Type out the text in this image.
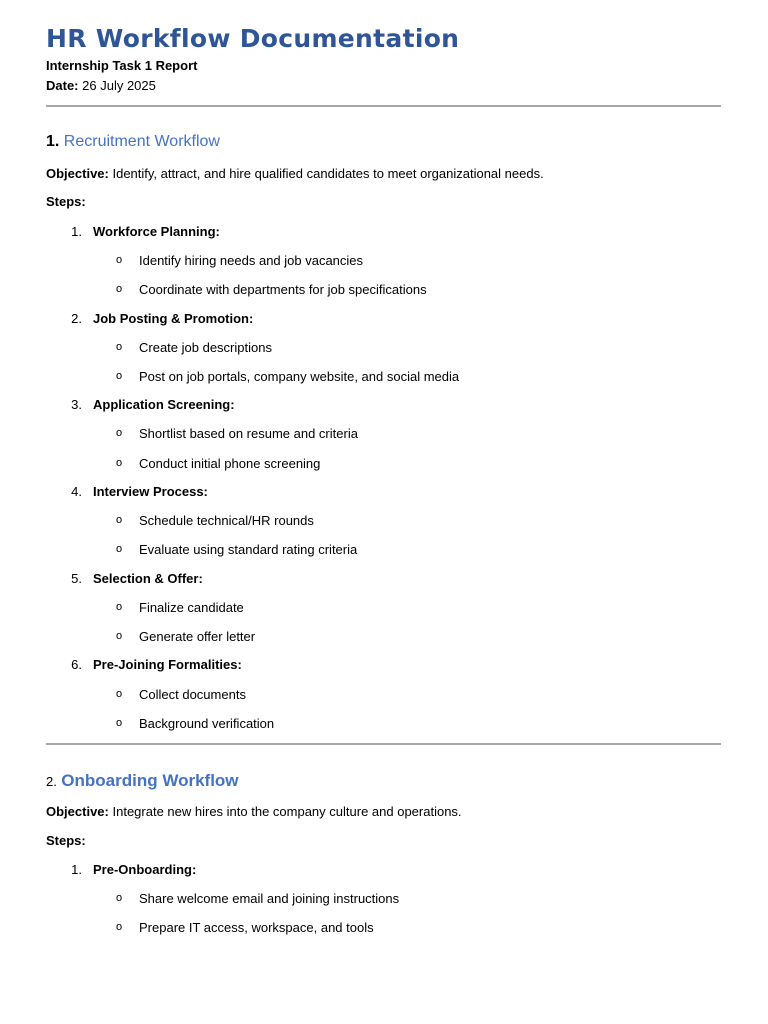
HR Workflow Documentation
Internship Task 1 Report
Date: 26 July 2025
1. Recruitment Workflow
Objective: Identify, attract, and hire qualified candidates to meet organizational needs.
Steps:
1. Workforce Planning:
o Identify hiring needs and job vacancies
o Coordinate with departments for job specifications
2. Job Posting & Promotion:
o Create job descriptions
o Post on job portals, company website, and social media
3. Application Screening:
o Shortlist based on resume and criteria
o Conduct initial phone screening
4. Interview Process:
o Schedule technical/HR rounds
o Evaluate using standard rating criteria
5. Selection & Offer:
o Finalize candidate
o Generate offer letter
6. Pre-Joining Formalities:
o Collect documents
o Background verification
2. Onboarding Workflow
Objective: Integrate new hires into the company culture and operations.
Steps:
1. Pre-Onboarding:
o Share welcome email and joining instructions
o Prepare IT access, workspace, and tools
